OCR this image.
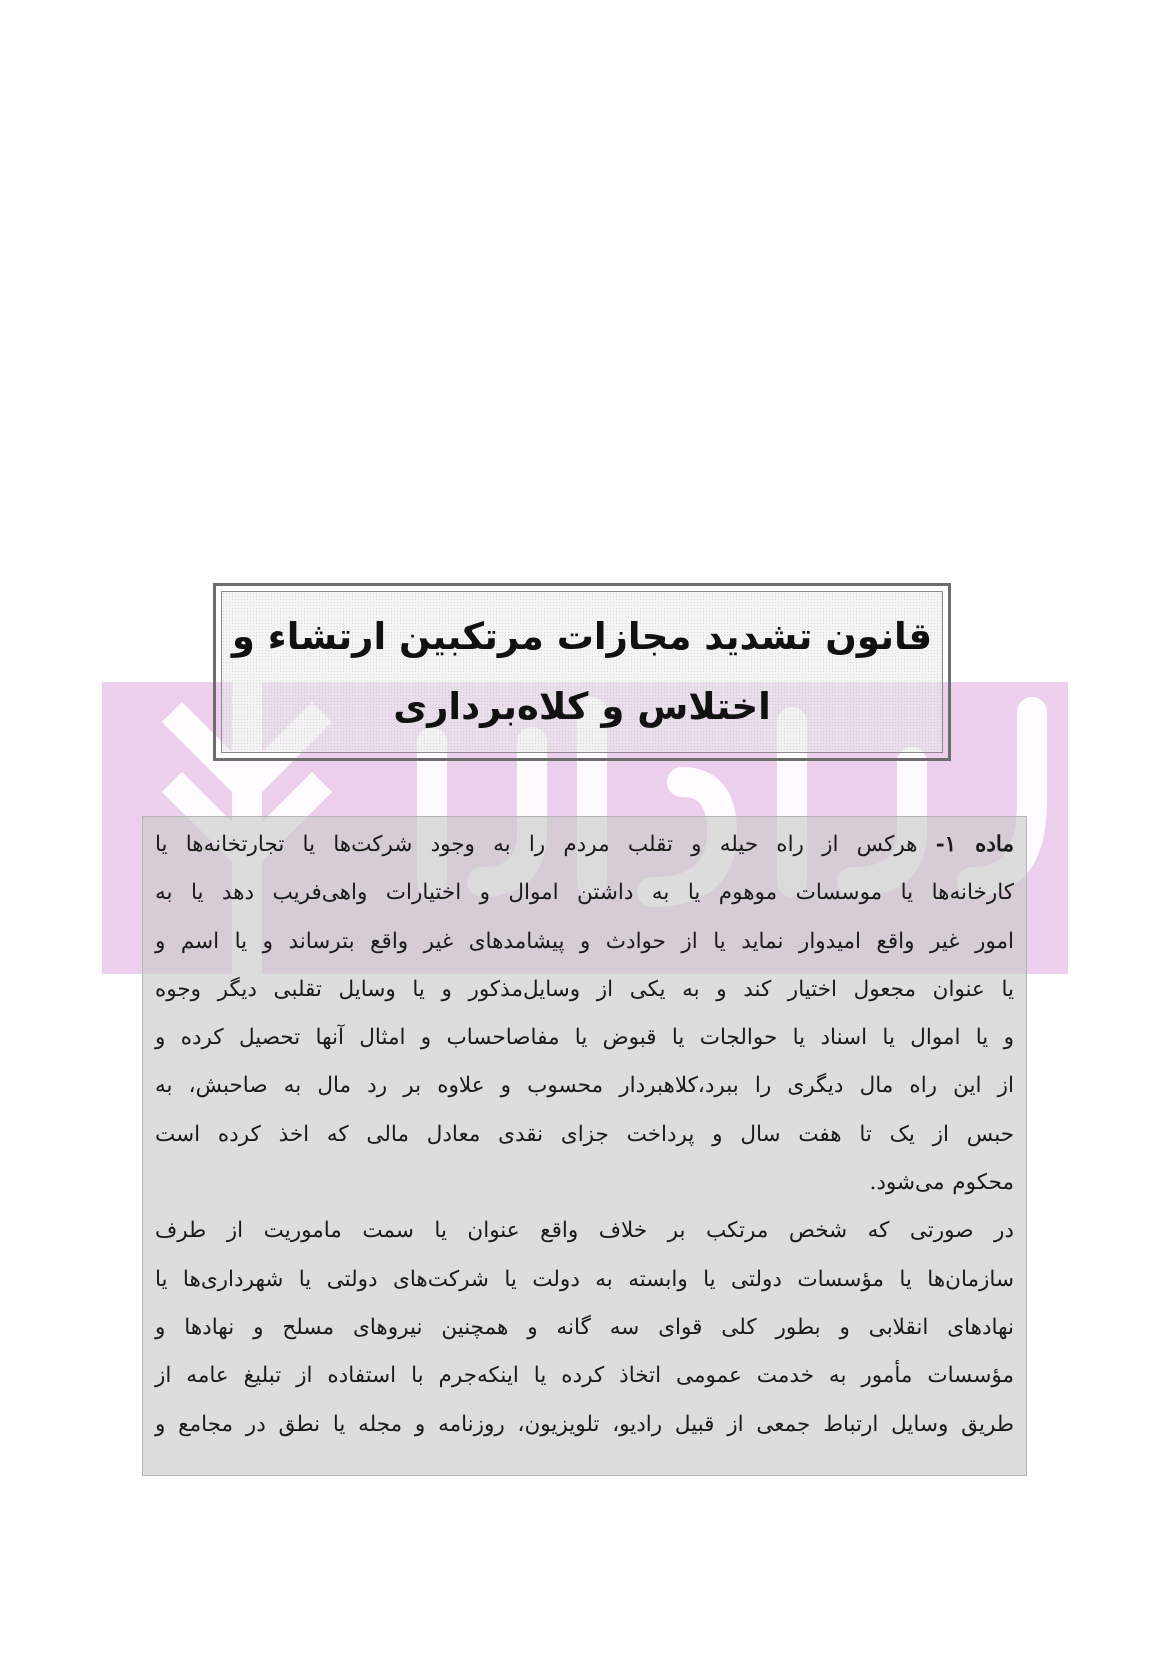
قانون تشدید مجازات مرتکبین ارتشاء و
اختلاس و کلاه‌برداری
ماده ۱- هرکس از راه حیله و تقلب مردم را به وجود شرکت‌ها یا تجارتخانه‌ها یا
کارخانه‌ها یا موسسات موهوم یا به داشتن اموال و اختیارات واهی‌فریب دهد یا به
امور غیر واقع امیدوار نماید یا از حوادث و پیشامدهای غیر واقع بترساند و یا اسم و
یا عنوان مجعول اختیار کند و به یکی از وسایل‌مذکور و یا وسایل تقلبی دیگر وجوه
و یا اموال یا اسناد یا حوالجات یا قبوض یا مفاصاحساب و امثال آنها تحصیل کرده و
از این راه مال دیگری را ببرد،کلاهبردار محسوب و علاوه بر رد مال به صاحبش، به
حبس از یک تا هفت سال و پرداخت جزای نقدی معادل مالی که اخذ کرده است
محکوم می‌شود.
در صورتی که شخص مرتکب بر خلاف واقع عنوان یا سمت ماموریت از طرف
سازمان‌ها یا مؤسسات دولتی یا وابسته به دولت یا شرکت‌های دولتی یا شهرداری‌ها یا
نهادهای انقلابی و بطور کلی قوای سه گانه و همچنین نیروهای مسلح و نهادها و
مؤسسات مأمور به خدمت عمومی اتخاذ کرده یا اینکه‌جرم با استفاده از تبلیغ عامه از
طریق وسایل ارتباط جمعی از قبیل رادیو، تلویزیون، روزنامه و مجله یا نطق در مجامع و
